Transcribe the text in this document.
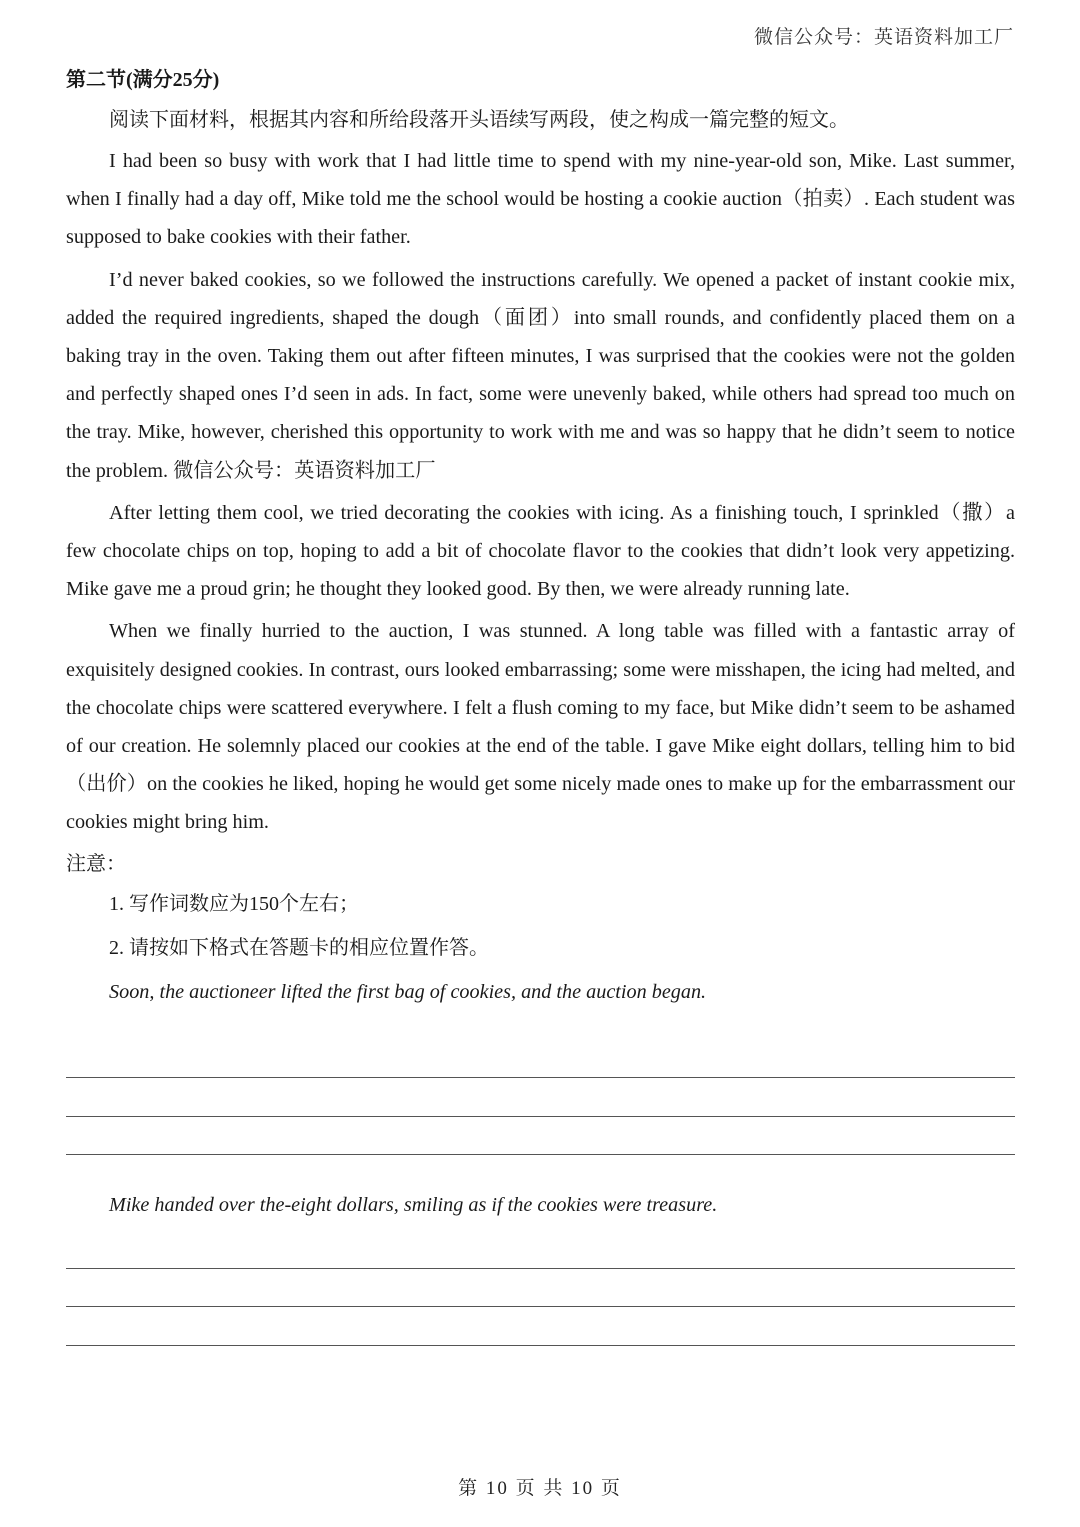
微信公众号：英语资料加工厂

第二节(满分25分)

阅读下面材料，根据其内容和所给段落开头语续写两段，使之构成一篇完整的短文。

I had been so busy with work that I had little time to spend with my nine-year-old son, Mike. Last summer, when I finally had a day off, Mike told me the school would be hosting a cookie auction（拍卖）. Each student was supposed to bake cookies with their father.

I’d never baked cookies, so we followed the instructions carefully. We opened a packet of instant cookie mix, added the required ingredients, shaped the dough（面团）into small rounds, and confidently placed them on a baking tray in the oven. Taking them out after fifteen minutes, I was surprised that the cookies were not the golden and perfectly shaped ones I’d seen in ads. In fact, some were unevenly baked, while others had spread too much on the tray. Mike, however, cherished this opportunity to work with me and was so happy that he didn’t seem to notice the problem. 微信公众号：英语资料加工厂

After letting them cool, we tried decorating the cookies with icing. As a finishing touch, I sprinkled（撒）a few chocolate chips on top, hoping to add a bit of chocolate flavor to the cookies that didn’t look very appetizing. Mike gave me a proud grin; he thought they looked good. By then, we were already running late.

When we finally hurried to the auction, I was stunned. A long table was filled with a fantastic array of exquisitely designed cookies. In contrast, ours looked embarrassing; some were misshapen, the icing had melted, and the chocolate chips were scattered everywhere. I felt a flush coming to my face, but Mike didn’t seem to be ashamed of our creation. He solemnly placed our cookies at the end of the table. I gave Mike eight dollars, telling him to bid（出价）on the cookies he liked, hoping he would get some nicely made ones to make up for the embarrassment our cookies might bring him.

注意：

1. 写作词数应为150个左右；

2. 请按如下格式在答题卡的相应位置作答。

Soon, the auctioneer lifted the first bag of cookies, and the auction began.

Mike handed over the-eight dollars, smiling as if the cookies were treasure.

第 10 页 共 10 页
